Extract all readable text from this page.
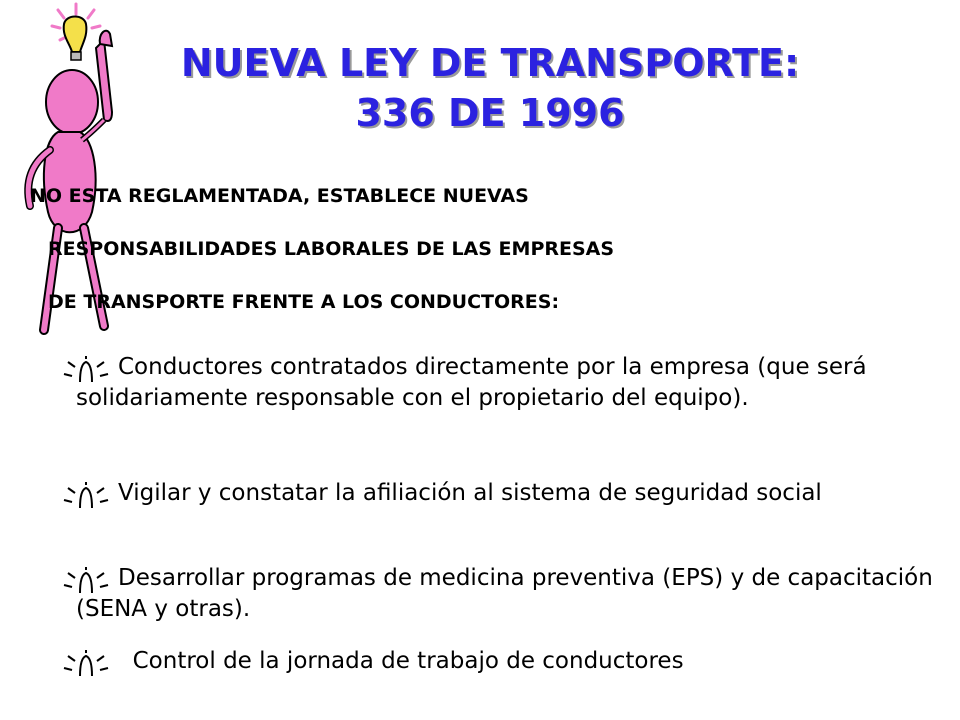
NUEVA LEY DE TRANSPORTE:
336 DE 1996
NO ESTA REGLAMENTADA, ESTABLECE NUEVAS
RESPONSABILIDADES LABORALES DE LAS EMPRESAS
DE TRANSPORTE FRENTE A LOS CONDUCTORES:
Conductores contratados directamente por la empresa (que será solidariamente responsable con el propietario del equipo).
Vigilar y constatar la afiliación al sistema de seguridad social
Desarrollar programas de medicina preventiva (EPS) y de capacitación (SENA y otras).
Control de la jornada de trabajo de conductores
